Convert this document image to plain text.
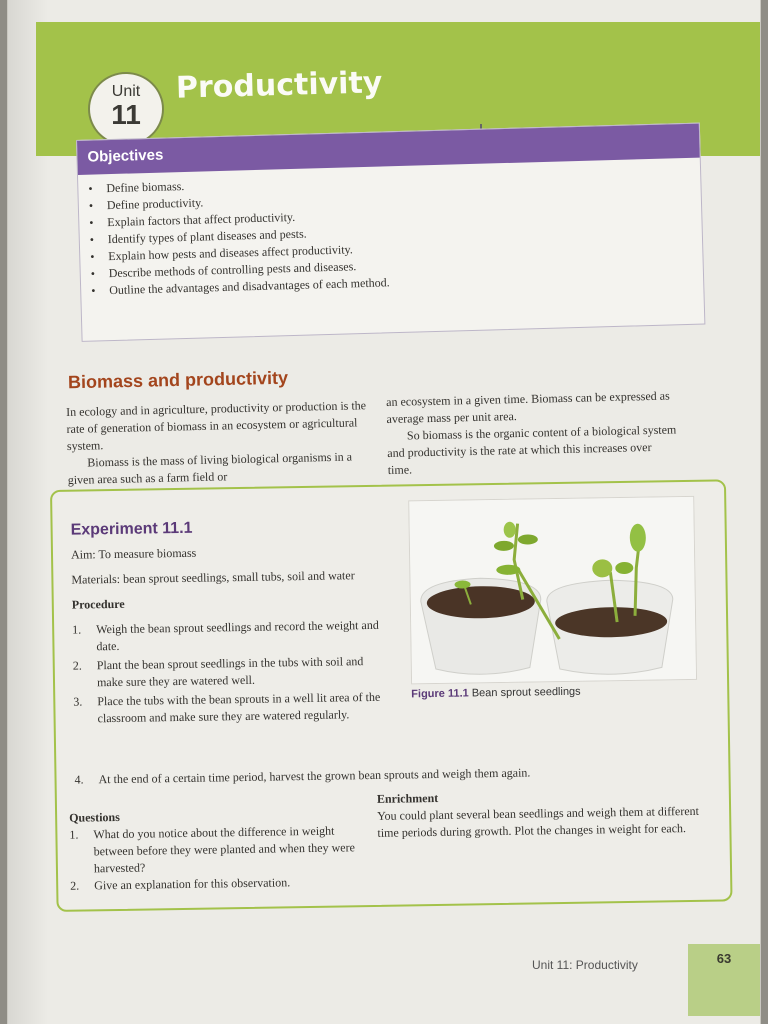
Unit
11
Productivity
Objectives
• Define biomass.
• Define productivity.
• Explain factors that affect productivity.
• Identify types of plant diseases and pests.
• Explain how pests and diseases affect productivity.
• Describe methods of controlling pests and diseases.
• Outline the advantages and disadvantages of each method.
Biomass and productivity

In ecology and in agriculture, productivity or production is the rate of generation of biomass in an ecosystem or agricultural system.

Biomass is the mass of living biological organisms in a given area such as a farm field or

an ecosystem in a given time. Biomass can be expressed as average mass per unit area.

So biomass is the organic content of a biological system and productivity is the rate at which this increases over time.

Experiment 11.1

Aim: To measure biomass

Materials: bean sprout seedlings, small tubs, soil and water

Procedure

1. Weigh the bean sprout seedlings and record the weight and date.
2. Plant the bean sprout seedlings in the tubs with soil and make sure they are watered well.
3. Place the tubs with the bean sprouts in a well lit area of the classroom and make sure they are watered regularly.
4. At the end of a certain time period, harvest the grown bean sprouts and weigh them again.

Questions

1. What do you notice about the difference in weight between before they were planted and when they were harvested?
2. Give an explanation for this observation.

Enrichment

You could plant several bean seedlings and weigh them at different time periods during growth. Plot the changes in weight for each.

Figure 11.1 Bean sprout seedlings
Unit 11: Productivity	63
